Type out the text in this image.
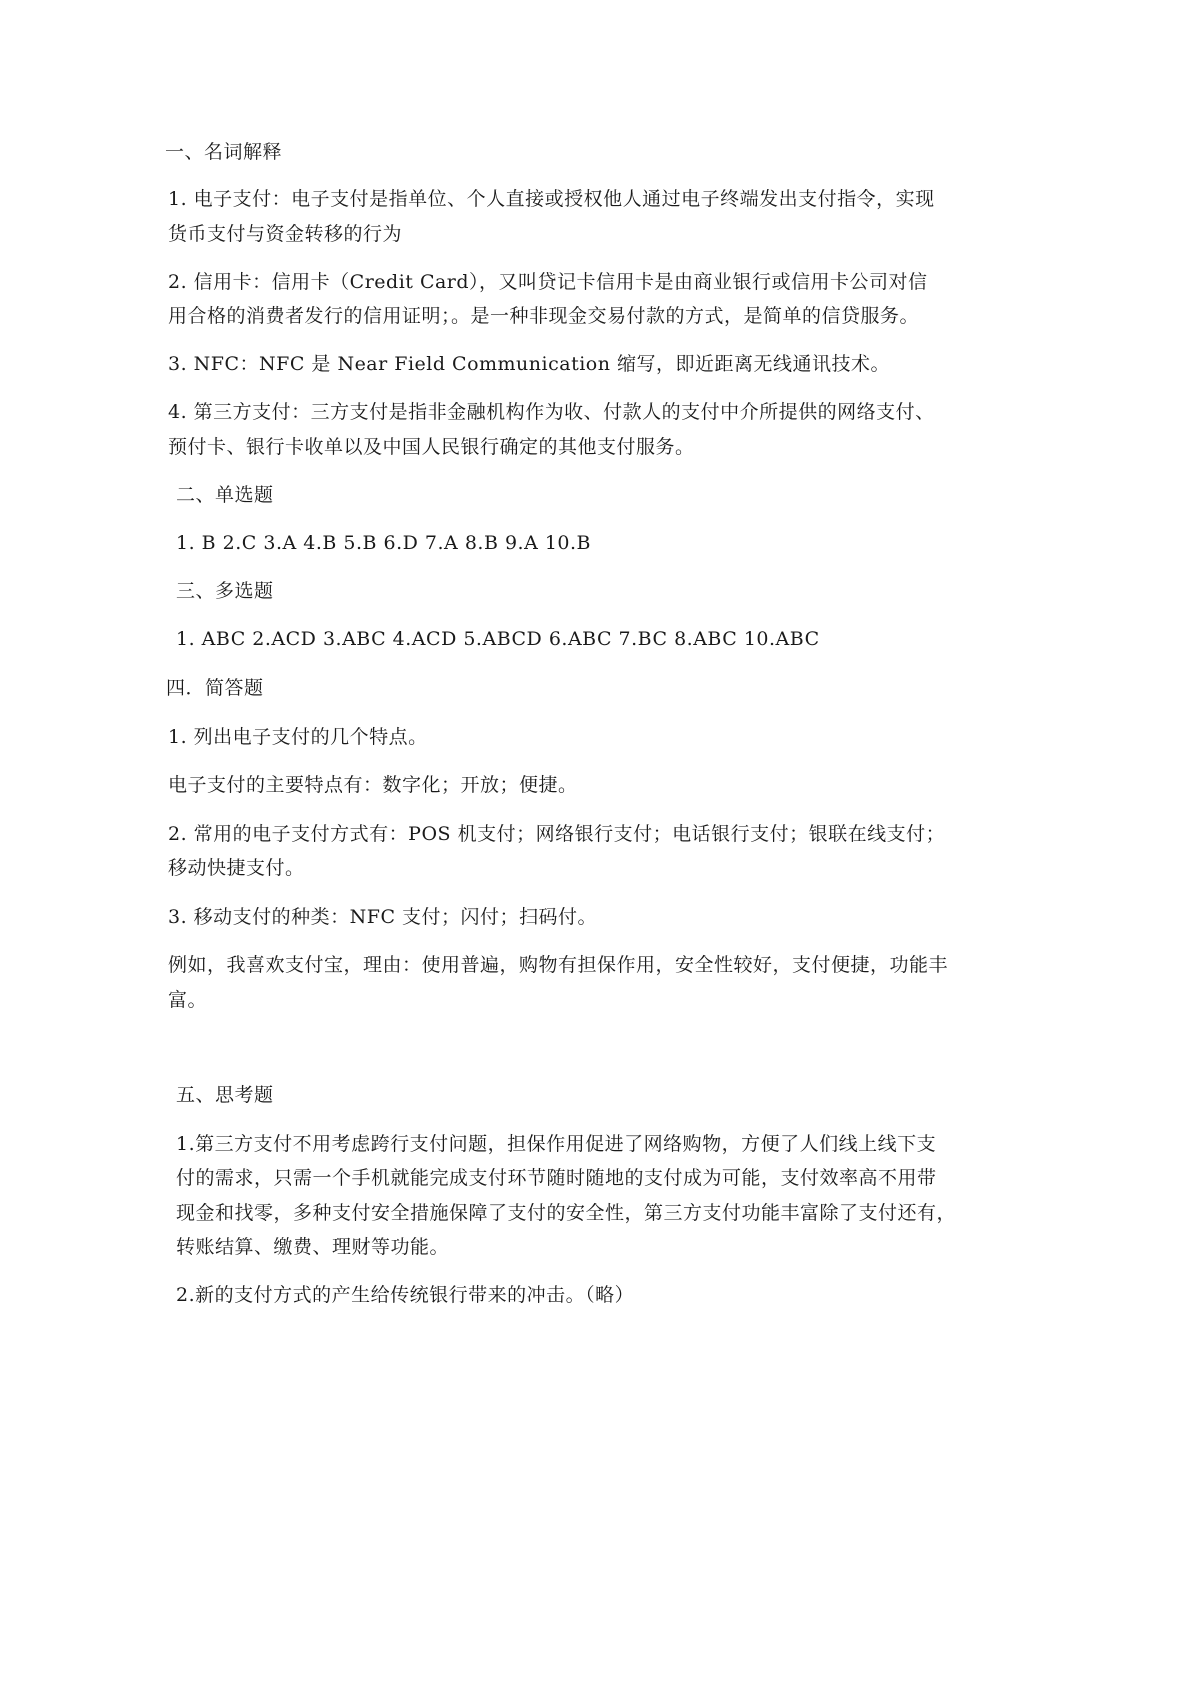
一、名词解释
1. 电子支付：电子支付是指单位、个人直接或授权他人通过电子终端发出支付指令，实现
货币支付与资金转移的行为
2. 信用卡：信用卡（Credit Card），又叫贷记卡信用卡是由商业银行或信用卡公司对信
用合格的消费者发行的信用证明；。是一种非现金交易付款的方式，是简单的信贷服务。
3. NFC：NFC 是 Near Field Communication 缩写，即近距离无线通讯技术。
4. 第三方支付：三方支付是指非金融机构作为收、付款人的支付中介所提供的网络支付、
预付卡、银行卡收单以及中国人民银行确定的其他支付服务。
二、单选题
1. B 2.C 3.A 4.B 5.B 6.D 7.A 8.B 9.A 10.B
三、多选题
1. ABC 2.ACD 3.ABC 4.ACD 5.ABCD 6.ABC 7.BC 8.ABC 10.ABC
四．简答题
1. 列出电子支付的几个特点。
电子支付的主要特点有：数字化；开放；便捷。
2. 常用的电子支付方式有：POS 机支付；网络银行支付；电话银行支付；银联在线支付；
移动快捷支付。
3. 移动支付的种类：NFC 支付；闪付；扫码付。
例如，我喜欢支付宝，理由：使用普遍，购物有担保作用，安全性较好，支付便捷，功能丰
富。
五、思考题
1.第三方支付不用考虑跨行支付问题，担保作用促进了网络购物，方便了人们线上线下支
付的需求，只需一个手机就能完成支付环节随时随地的支付成为可能，支付效率高不用带
现金和找零，多种支付安全措施保障了支付的安全性，第三方支付功能丰富除了支付还有，
转账结算、缴费、理财等功能。
2.新的支付方式的产生给传统银行带来的冲击。（略）
